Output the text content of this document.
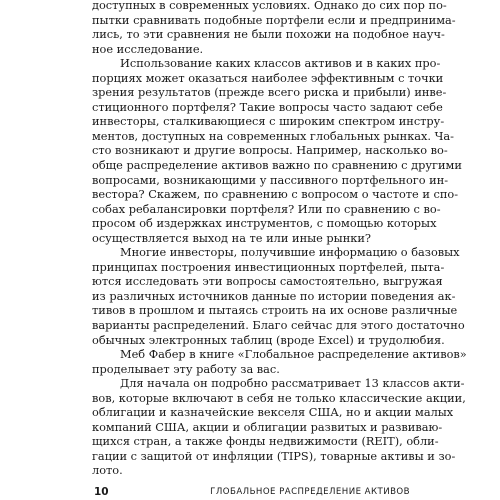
доступных в современных условиях. Однако до сих пор по-
пытки сравнивать подобные портфели если и предпринима-
лись, то эти сравнения не были похожи на подобное науч-
ное исследование.
Использование каких классов активов и в каких про-
порциях может оказаться наиболее эффективным с точки
зрения результатов (прежде всего риска и прибыли) инве-
стиционного портфеля? Такие вопросы часто задают себе
инвесторы, сталкивающиеся с широким спектром инстру-
ментов, доступных на современных глобальных рынках. Ча-
сто возникают и другие вопросы. Например, насколько во-
обще распределение активов важно по сравнению с другими
вопросами, возникающими у пассивного портфельного ин-
вестора? Скажем, по сравнению с вопросом о частоте и спо-
собах ребалансировки портфеля? Или по сравнению с во-
просом об издержках инструментов, с помощью которых
осуществляется выход на те или иные рынки?
Многие инвесторы, получившие информацию о базовых
принципах построения инвестиционных портфелей, пыта-
ются исследовать эти вопросы самостоятельно, выгружая
из различных источников данные по истории поведения ак-
тивов в прошлом и пытаясь строить на их основе различные
варианты распределений. Благо сейчас для этого достаточно
обычных электронных таблиц (вроде Excel) и трудолюбия.
Меб Фабер в книге «Глобальное распределение активов»
проделывает эту работу за вас.
Для начала он подробно рассматривает 13 классов акти-
вов, которые включают в себя не только классические акции,
облигации и казначейские векселя США, но и акции малых
компаний США, акции и облигации развитых и развиваю-
щихся стран, а также фонды недвижимости (REIT), обли-
гации с защитой от инфляции (TIPS), товарные активы и зо-
лото.
10	ГЛОБАЛЬНОЕ РАСПРЕДЕЛЕНИЕ АКТИВОВ
